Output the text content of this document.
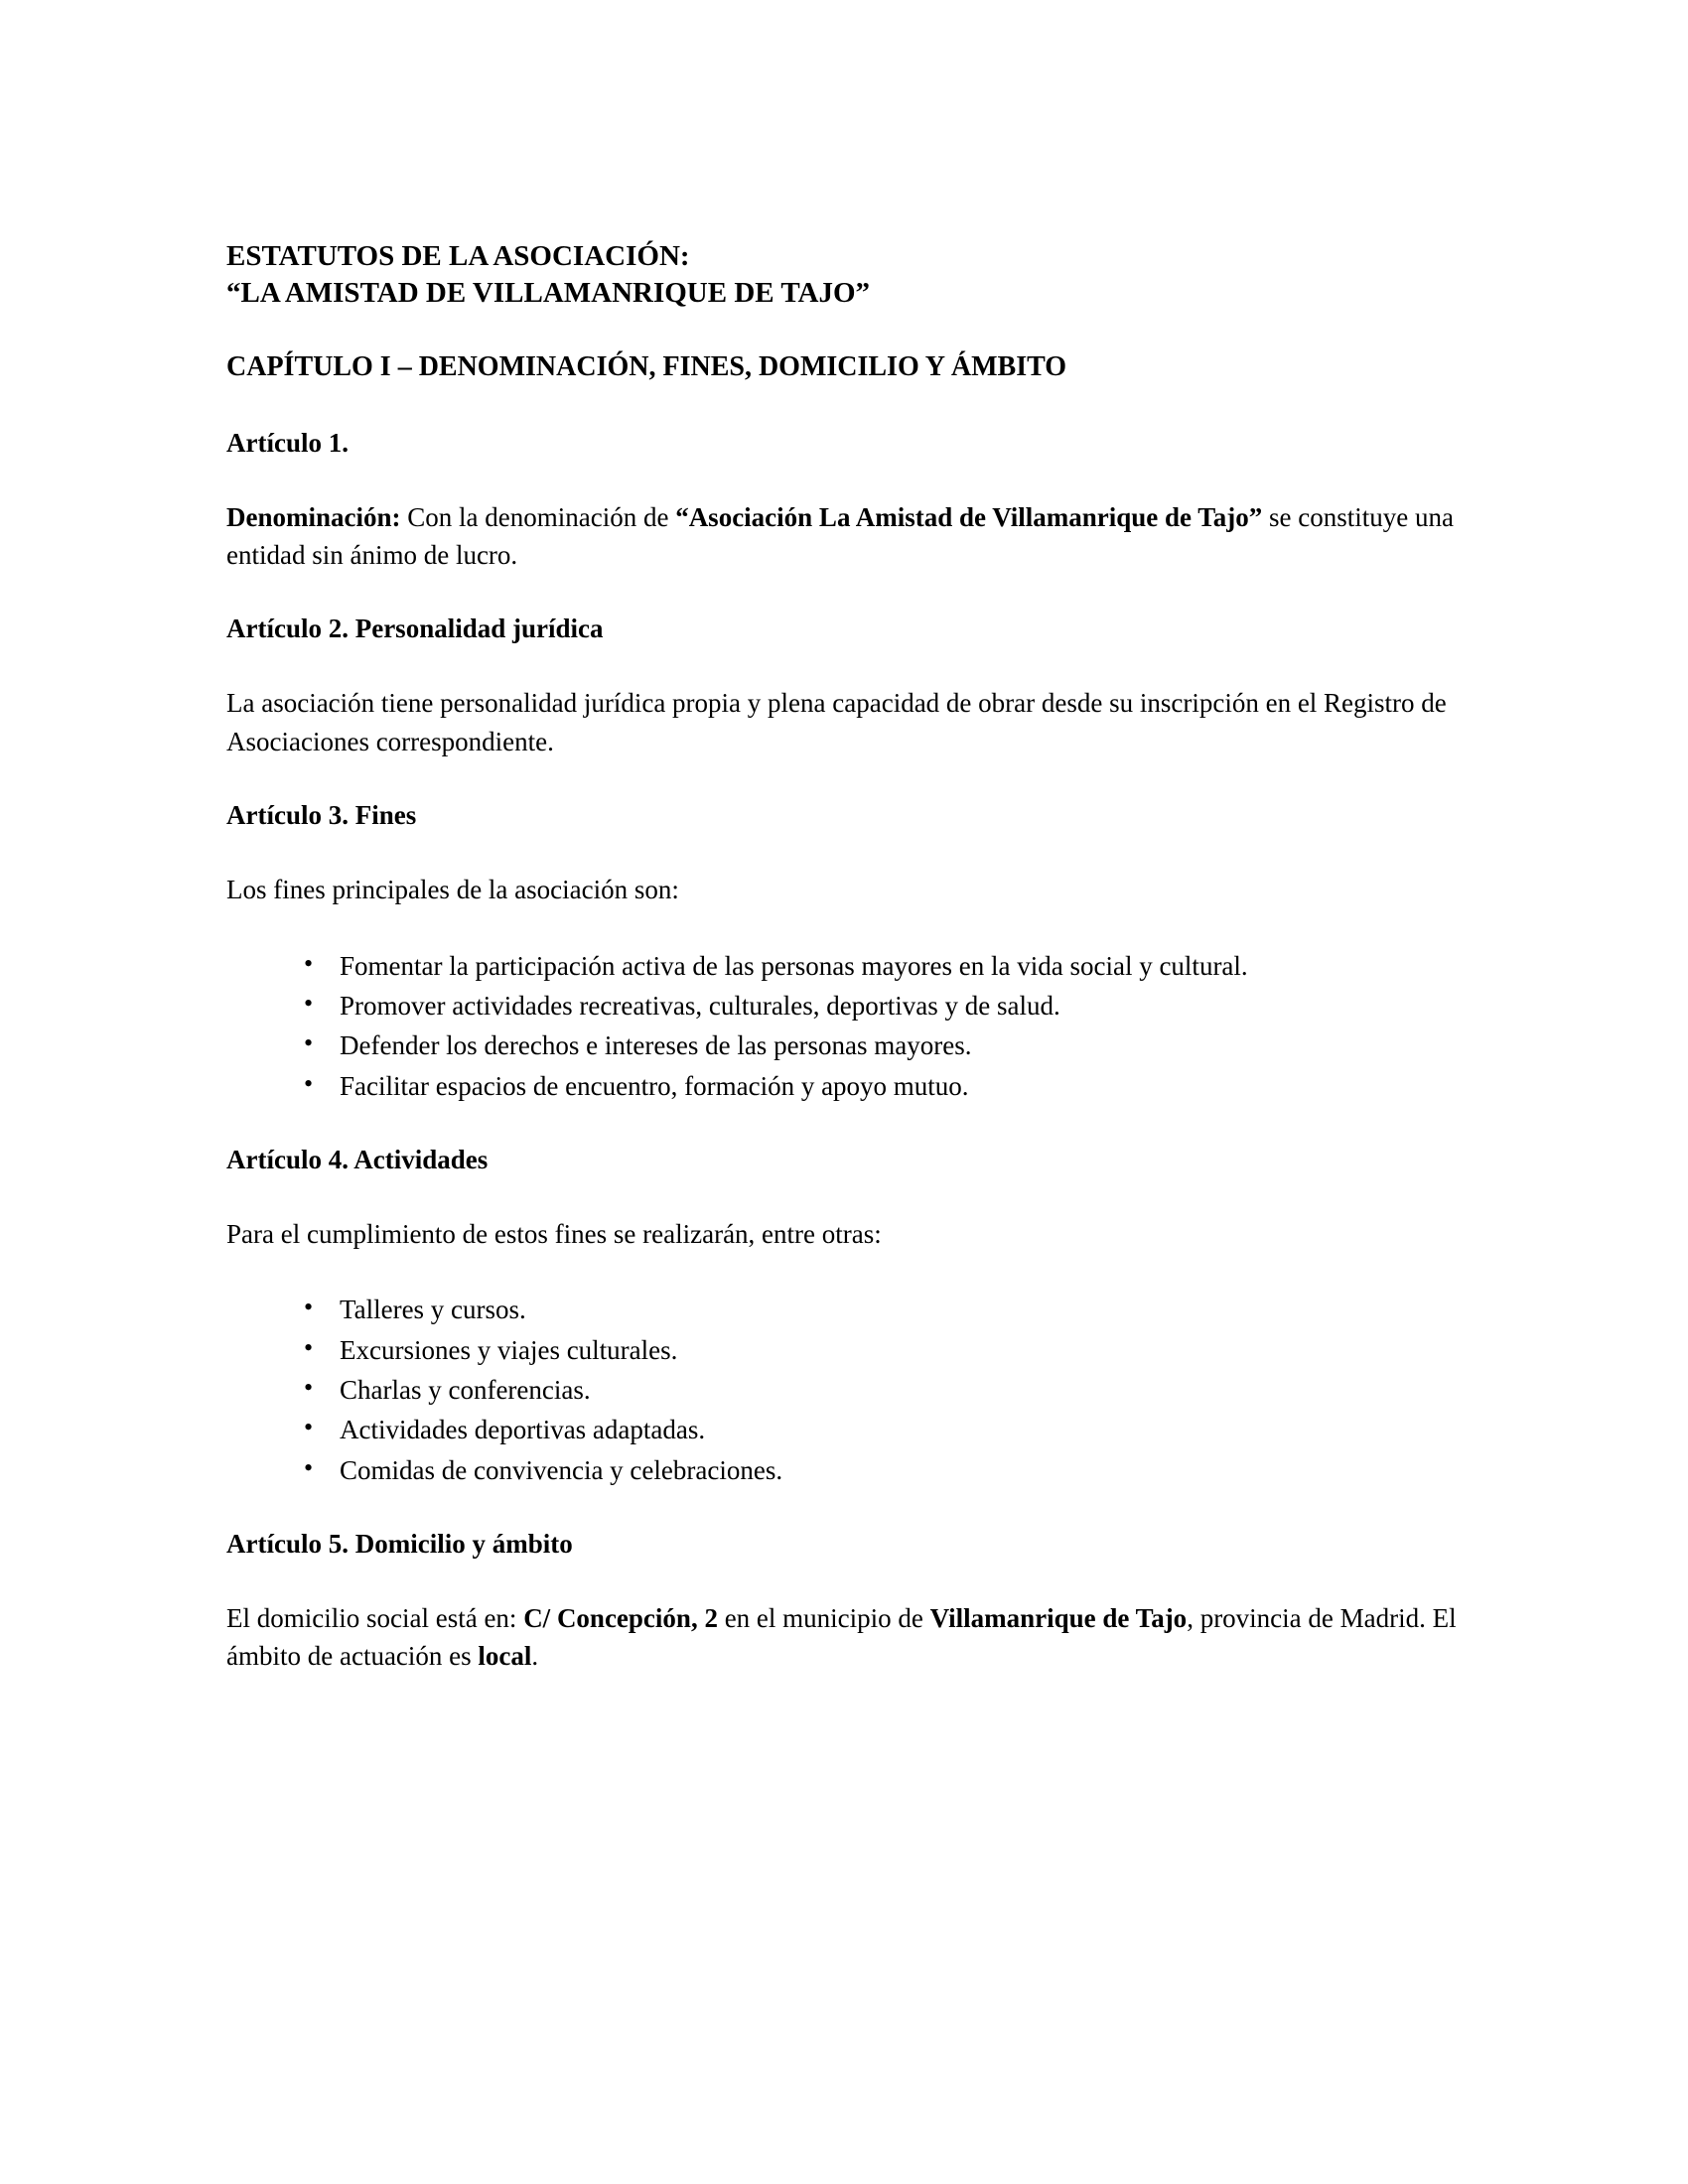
ESTATUTOS DE LA ASOCIACIÓN:
“LA AMISTAD DE VILLAMANRIQUE DE TAJO”
CAPÍTULO I – DENOMINACIÓN, FINES, DOMICILIO Y ÁMBITO
Artículo 1.

Denominación: Con la denominación de “Asociación La Amistad de Villamanrique de Tajo” se constituye una entidad sin ánimo de lucro.

Artículo 2. Personalidad jurídica

La asociación tiene personalidad jurídica propia y plena capacidad de obrar desde su inscripción en el Registro de Asociaciones correspondiente.

Artículo 3. Fines

Los fines principales de la asociación son:

• Fomentar la participación activa de las personas mayores en la vida social y cultural.
• Promover actividades recreativas, culturales, deportivas y de salud.
• Defender los derechos e intereses de las personas mayores.
• Facilitar espacios de encuentro, formación y apoyo mutuo.
Artículo 4. Actividades

Para el cumplimiento de estos fines se realizarán, entre otras:

• Talleres y cursos.
• Excursiones y viajes culturales.
• Charlas y conferencias.
• Actividades deportivas adaptadas.
• Comidas de convivencia y celebraciones.
Artículo 5. Domicilio y ámbito

El domicilio social está en: C/ Concepción, 2 en el municipio de Villamanrique de Tajo, provincia de Madrid. El ámbito de actuación es local.
